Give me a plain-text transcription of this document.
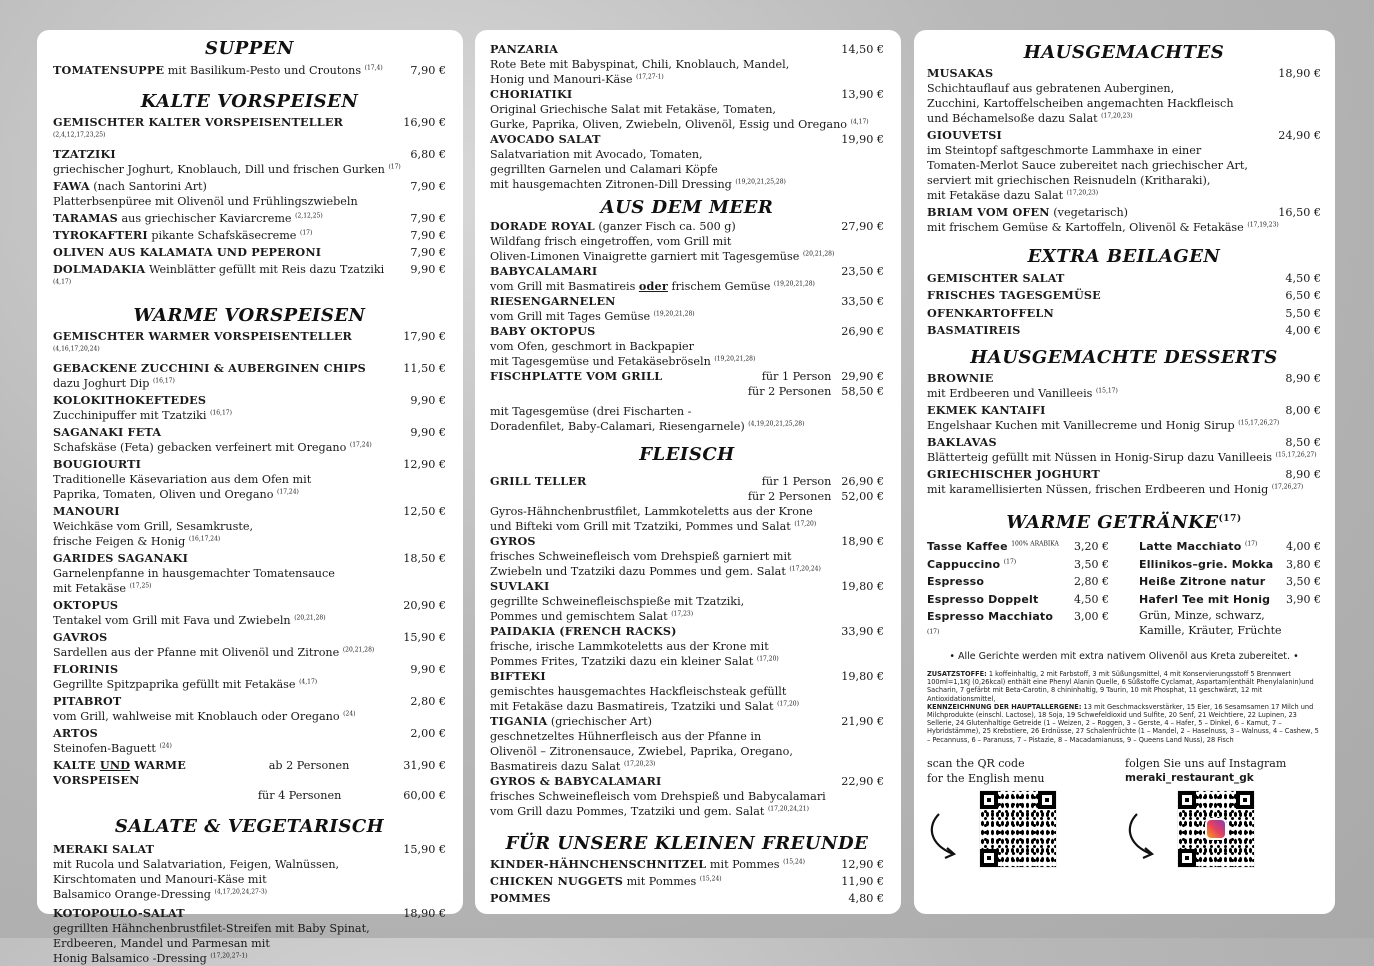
SUPPEN
TOMATENSUPPE mit Basilikum-Pesto und Croutons $^{(17,4)}$	7,90 €
KALTE VORSPEISEN
GEMISCHTER KALTER VORSPEISENTELLER $^{(2,4,12,17,23,25)}$
16,90 €
TZATZIKI	6,80 €
griechischer Joghurt, Knoblauch, Dill und frischen Gurken $^{(17)}$
FAWA (nach Santorini Art)	7,90 €
Platterbsenpüree mit Olivenöl und Frühlingszwiebeln
TARAMAS aus griechischer Kaviarcreme $^{(2,12,25)}$	7,90 €
TYROKAFTERI pikante Schafskäsecreme $^{(17)}$	7,90 €
OLIVEN AUS KALAMATA UND PEPERONI	7,90 €
DOLMADAKIA Weinblätter gefüllt mit Reis dazu Tzatziki $^{(4,17)}$
9,90 €
WARME VORSPEISEN
GEMISCHTER WARMER VORSPEISENTELLER $^{(4,16,17,20,24)}$
17,90 €
GEBACKENE ZUCCHINI & AUBERGINEN CHIPS	11,50 €
dazu Joghurt Dip $^{(16,17)}$
KOLOKITHOKEFTEDES	9,90 €
Zucchinipuffer mit Tzatziki $^{(16,17)}$
SAGANAKI FETA	9,90 €
Schafskäse (Feta) gebacken verfeinert mit Oregano $^{(17,24)}$
BOUGIOURTI	12,90 €
Traditionelle Käsevariation aus dem Ofen mit
Paprika, Tomaten, Oliven und Oregano $^{(17,24)}$
MANOURI	12,50 €
Weichkäse vom Grill, Sesamkruste,
frische Feigen & Honig $^{(16,17,24)}$
GARIDES SAGANAKI	18,50 €
Garnelenpfanne in hausgemachter Tomatensauce
mit Fetakäse $^{(17,25)}$
OKTOPUS	20,90 €
Tentakel vom Grill mit Fava und Zwiebeln $^{(20,21,28)}$
GAVROS	15,90 €
Sardellen aus der Pfanne mit Olivenöl und Zitrone $^{(20,21,28)}$
FLORINIS	9,90 €
Gegrillte Spitzpaprika gefüllt mit Fetakäse $^{(4,17)}$
PITABROT	2,80 €
vom Grill, wahlweise mit Knoblauch oder Oregano $^{(24)}$
ARTOS	2,00 €
Steinofen-Baguett $^{(24)}$
KALTE UND WARME VORSPEISEN
ab 2 Personen	31,90 €
für 4 Personen	60,00 €
SALATE & VEGETARISCH
MERAKI SALAT	15,90 €
mit Rucola und Salatvariation, Feigen, Walnüssen,
Kirschtomaten und Manouri-Käse mit
Balsamico Orange-Dressing $^{(4,17,20,24,27-3)}$
KOTOPOULO-SALAT	18,90 €
gegrillten Hähnchenbrustfilet-Streifen mit Baby Spinat,
Erdbeeren, Mandel und Parmesan mit
Honig Balsamico -Dressing $^{(17,20,27-1)}$
PANZARIA	14,50 €
Rote Bete mit Babyspinat, Chili, Knoblauch, Mandel,
Honig und Manouri-Käse $^{(17,27-1)}$
CHORIATIKI	13,90 €
Original Griechische Salat mit Fetakäse, Tomaten,
Gurke, Paprika, Oliven, Zwiebeln, Olivenöl, Essig und Oregano $^{(4,17)}$
AVOCADO SALAT	19,90 €
Salatvariation mit Avocado, Tomaten,
gegrillten Garnelen und Calamari Köpfe
mit hausgemachten Zitronen-Dill Dressing $^{(19,20,21,25,28)}$
AUS DEM MEER
DORADE ROYAL (ganzer Fisch ca. 500 g)	27,90 €
Wildfang frisch eingetroffen, vom Grill mit
Oliven-Limonen Vinaigrette garniert mit Tagesgemüse $^{(20,21,28)}$
BABYCALAMARI	23,50 €
vom Grill mit Basmatireis oder frischem Gemüse $^{(19,20,21,28)}$
RIESENGARNELEN	33,50 €
vom Grill mit Tages Gemüse $^{(19,20,21,28)}$
BABY OKTOPUS	26,90 €
vom Ofen, geschmort in Backpapier
mit Tagesgemüse und Fetakäsebröseln $^{(19,20,21,28)}$
FISCHPLATTE VOM GRILL	für 1 Person 29,90 €
für 2 Personen 58,50 €
mit Tagesgemüse (drei Fischarten -
Doradenfilet, Baby-Calamari, Riesengarnele) $^{(4,19,20,21,25,28)}$
FLEISCH
GRILL TELLER	für 1 Person 26,90 €
für 2 Personen 52,00 €
Gyros-Hähnchenbrustfilet, Lammkoteletts aus der Krone
und Bifteki vom Grill mit Tzatziki, Pommes und Salat $^{(17,20)}$
GYROS	18,90 €
frisches Schweinefleisch vom Drehspieß garniert mit
Zwiebeln und Tzatziki dazu Pommes und gem. Salat $^{(17,20,24)}$
SUVLAKI	19,80 €
gegrillte Schweinefleischspieße mit Tzatziki,
Pommes und gemischtem Salat $^{(17,23)}$
PAIDAKIA (FRENCH RACKS)	33,90 €
frische, irische Lammkoteletts aus der Krone mit
Pommes Frites, Tzatziki dazu ein kleiner Salat $^{(17,20)}$
BIFTEKI	19,80 €
gemischtes hausgemachtes Hackfleischsteak gefüllt
mit Fetakäse dazu Basmatireis, Tzatziki und Salat $^{(17,20)}$
TIGANIA (griechischer Art)	21,90 €
geschnetzeltes Hühnerfleisch aus der Pfanne in
Olivenöl – Zitronensauce, Zwiebel, Paprika, Oregano,
Basmatireis dazu Salat $^{(17,20,23)}$
GYROS & BABYCALAMARI	22,90 €
frisches Schweinefleisch vom Drehspieß und Babycalamari
vom Grill dazu Pommes, Tzatziki und gem. Salat $^{(17,20,24,21)}$
FÜR UNSERE KLEINEN FREUNDE
KINDER-HÄHNCHENSCHNITZEL mit Pommes $^{(15,24)}$	12,90 €
CHICKEN NUGGETS mit Pommes $^{(15,24)}$	11,90 €
POMMES	4,80 €
HAUSGEMACHTES
MUSAKAS	18,90 €
Schichtauflauf aus gebratenen Auberginen,
Zucchini, Kartoffelscheiben angemachten Hackfleisch
und Béchamelsoße dazu Salat $^{(17,20,23)}$
GIOUVETSI	24,90 €
im Steintopf saftgeschmorte Lammhaxe in einer
Tomaten-Merlot Sauce zubereitet nach griechischer Art,
serviert mit griechischen Reisnudeln (Kritharaki),
mit Fetakäse dazu Salat $^{(17,20,23)}$
BRIAM VOM OFEN (vegetarisch)	16,50 €
mit frischem Gemüse & Kartoffeln, Olivenöl & Fetakäse $^{(17,19,23)}$
EXTRA BEILAGEN
GEMISCHTER SALAT	4,50 €
FRISCHES TAGESGEMÜSE	6,50 €
OFENKARTOFFELN	5,50 €
BASMATIREIS	4,00 €
HAUSGEMACHTE DESSERTS
BROWNIE	8,90 €
mit Erdbeeren und Vanilleeis $^{(15,17)}$
EKMEK KANTAIFI	8,00 €
Engelshaar Kuchen mit Vanillecreme und Honig Sirup $^{(15,17,26,27)}$
BAKLAVAS	8,50 €
Blätterteig gefüllt mit Nüssen in Honig-Sirup dazu Vanilleeis $^{(15,17,26,27)}$
GRIECHISCHER JOGHURT	8,90 €
mit karamellisierten Nüssen, frischen Erdbeeren und Honig $^{(17,26,27)}$
WARME GETRÄNKE$^{(17)}$
Tasse Kaffee $^{100\% ARABIKA}$	3,20 €
Cappuccino $^{(17)}$	3,50 €
Espresso	2,80 €
Espresso Doppelt	4,50 €
Espresso Macchiato $^{(17)}$
3,00 €
Latte Macchiato $^{(17)}$	4,00 €
Ellinikos–grie. Mokka	3,80 €
Heiße Zitrone natur	3,50 €
Haferl Tee mit Honig	3,90 €
Grün, Minze, schwarz,
Kamille, Kräuter, Früchte
• Alle Gerichte werden mit extra nativem Olivenöl aus Kreta zubereitet. •
ZUSATZSTOFFE: 1 koffeinhaltig, 2 mit Farbstoff, 3 mit Süßungsmittel, 4 mit Konservierungsstoff 5 Brennwert 100ml=1,1KJ (0,26kcal) enthält eine Phenyl Alanin Quelle, 6 Süßstoffe Cyclamat, Aspartam(enthält Phenylalanin)und Sacharin, 7 gefärbt mit Beta-Carotin, 8 chininhaltig, 9 Taurin, 10 mit Phosphat, 11 geschwärzt, 12 mit Antioxidationsmittel,
KENNZEICHNUNG DER HAUPTALLERGENE: 13 mit Geschmacksverstärker, 15 Eier, 16 Sesamsamen 17 Milch und Milchprodukte (einschl. Lactose), 18 Soja, 19 Schwefeldioxid und Sulfite, 20 Senf, 21 Weichtiere, 22 Lupinen, 23 Sellerie, 24 Glutenhaltige Getreide (1 – Weizen, 2 – Roggen, 3 – Gerste, 4 – Hafer, 5 – Dinkel, 6 – Kamut, 7 – Hybridstämme), 25 Krebstiere, 26 Erdnüsse, 27 Schalenfrüchte (1 – Mandel, 2 – Haselnuss, 3 – Walnuss, 4 – Cashew, 5 – Pecannuss, 6 – Paranuss, 7 – Pistazie, 8 – Macadamianuss, 9 – Queens Land Nuss), 28 Fisch
scan the QR code
for the English menu
folgen Sie uns auf Instagram
meraki_restaurant_gk
